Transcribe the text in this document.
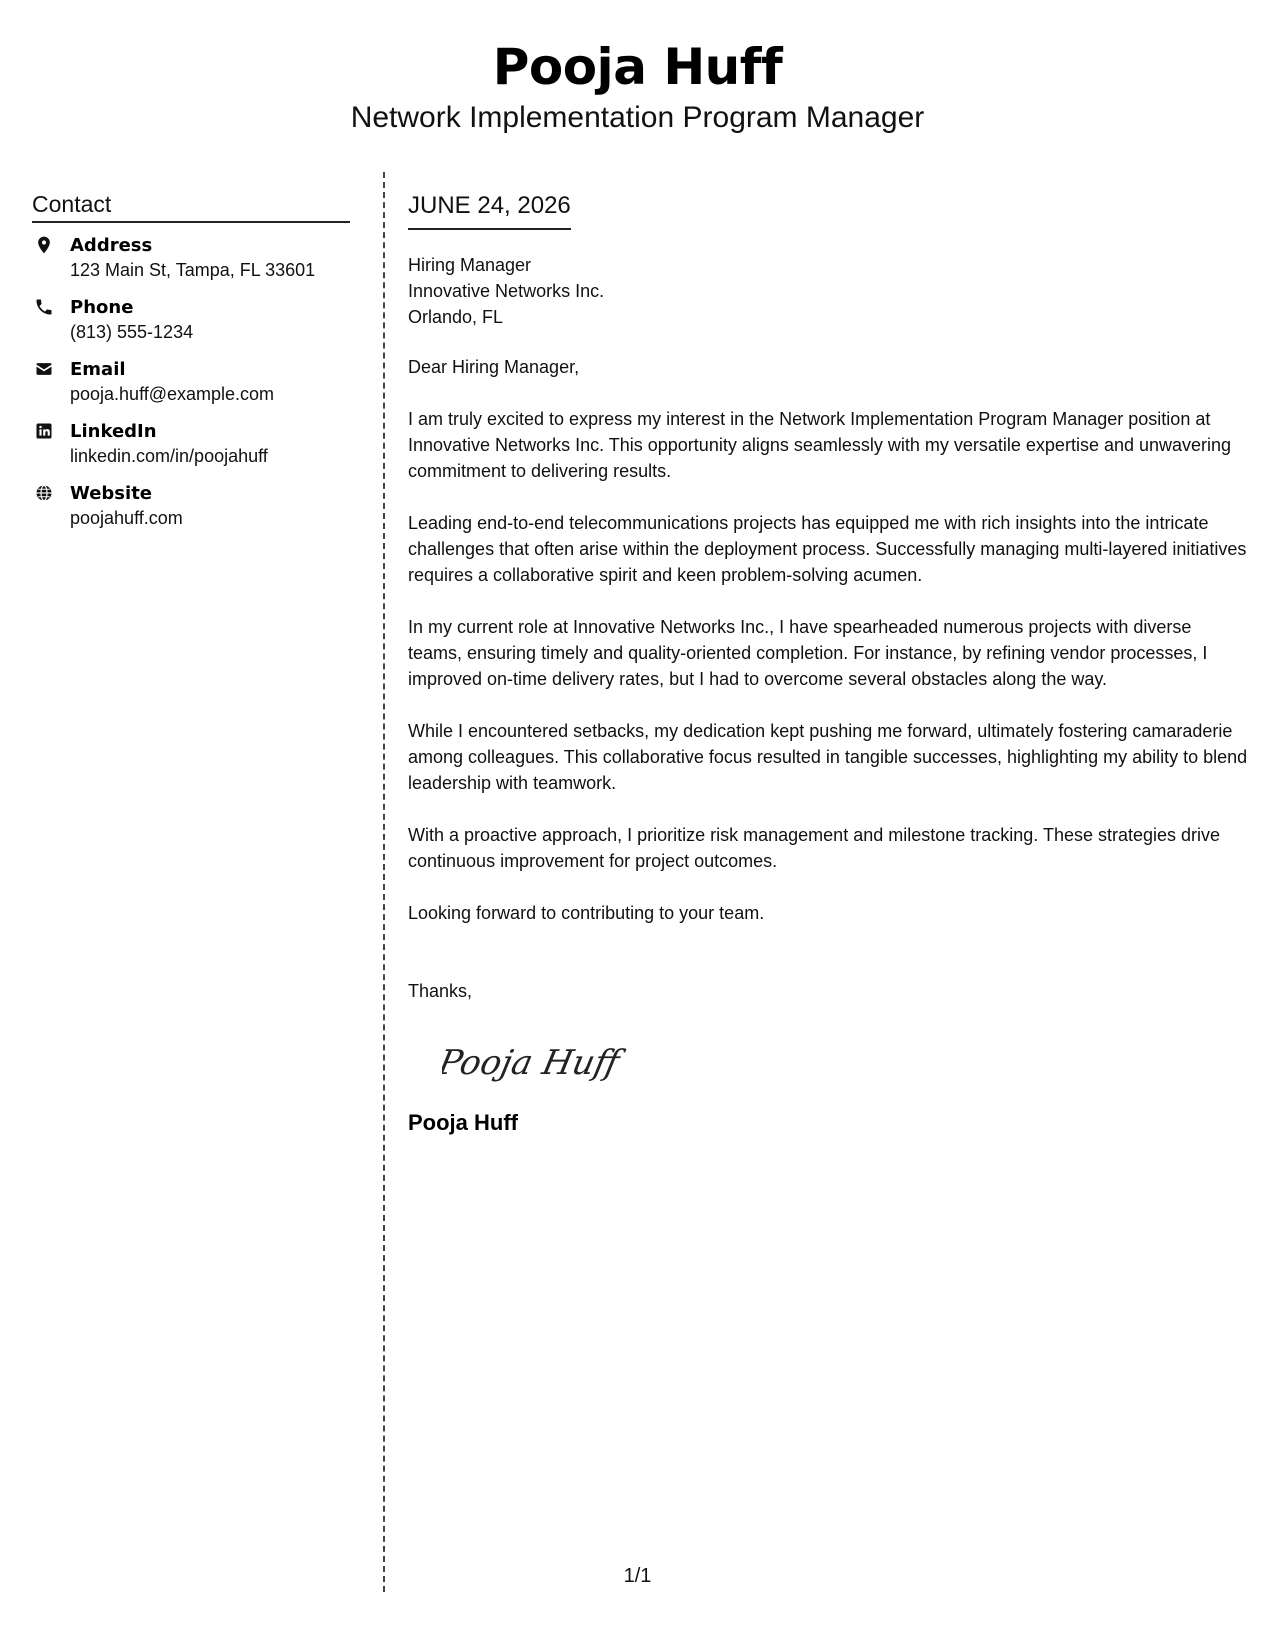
Pooja Huff
Network Implementation Program Manager
Contact
Address
123 Main St, Tampa, FL 33601
Phone
(813) 555-1234
Email
pooja.huff@example.com
LinkedIn
linkedin.com/in/poojahuff
Website
poojahuff.com
JUNE 24, 2026
Hiring Manager
Innovative Networks Inc.
Orlando, FL
Dear Hiring Manager,

I am truly excited to express my interest in the Network Implementation Program Manager position at Innovative Networks Inc. This opportunity aligns seamlessly with my versatile expertise and unwavering commitment to delivering results.

Leading end-to-end telecommunications projects has equipped me with rich insights into the intricate challenges that often arise within the deployment process. Successfully managing multi-layered initiatives requires a collaborative spirit and keen problem-solving acumen.

In my current role at Innovative Networks Inc., I have spearheaded numerous projects with diverse teams, ensuring timely and quality-oriented completion. For instance, by refining vendor processes, I improved on-time delivery rates, but I had to overcome several obstacles along the way.

While I encountered setbacks, my dedication kept pushing me forward, ultimately fostering camaraderie among colleagues. This collaborative focus resulted in tangible successes, highlighting my ability to blend leadership with teamwork.

With a proactive approach, I prioritize risk management and milestone tracking. These strategies drive continuous improvement for project outcomes.

Looking forward to contributing to your team.

Thanks,
Pooja Huff
Pooja Huff
1/1
